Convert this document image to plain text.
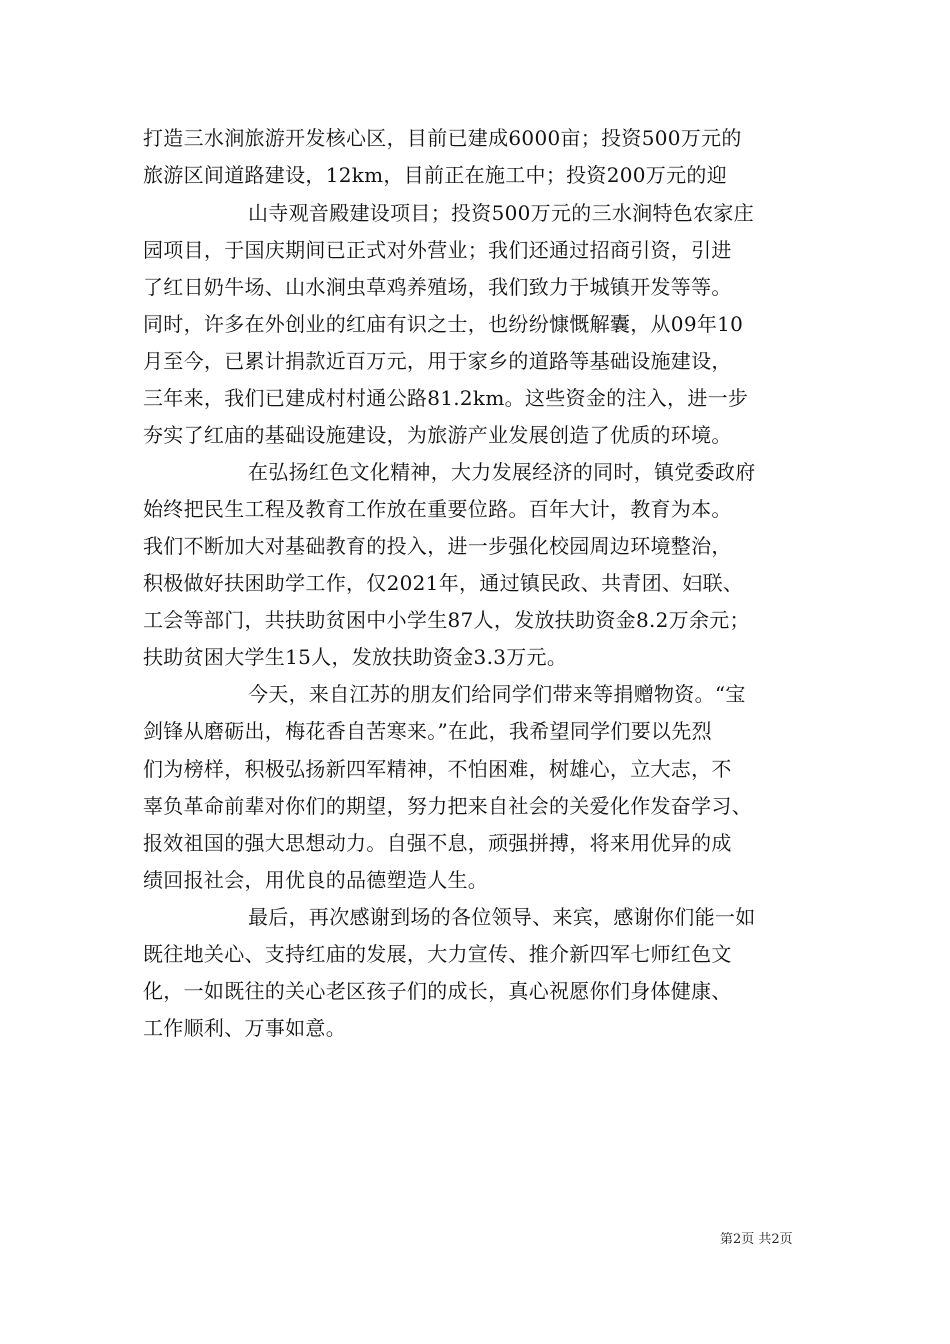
打造三水涧旅游开发核心区，目前已建成6000亩；投资500万元的
旅游区间道路建设，12km，目前正在施工中；投资200万元的迎
山寺观音殿建设项目；投资500万元的三水涧特色农家庄
园项目，于国庆期间已正式对外营业；我们还通过招商引资，引进
了红日奶牛场、山水涧虫草鸡养殖场，我们致力于城镇开发等等。
同时，许多在外创业的红庙有识之士，也纷纷慷慨解囊，从09年10
月至今，已累计捐款近百万元，用于家乡的道路等基础设施建设，
三年来，我们已建成村村通公路81.2km。这些资金的注入，进一步
夯实了红庙的基础设施建设，为旅游产业发展创造了优质的环境。
在弘扬红色文化精神，大力发展经济的同时，镇党委政府
始终把民生工程及教育工作放在重要位路。百年大计，教育为本。
我们不断加大对基础教育的投入，进一步强化校园周边环境整治，
积极做好扶困助学工作，仅2021年，通过镇民政、共青团、妇联、
工会等部门，共扶助贫困中小学生87人，发放扶助资金8.2万余元；
扶助贫困大学生15人，发放扶助资金3.3万元。
今天，来自江苏的朋友们给同学们带来等捐赠物资。“宝
剑锋从磨砺出，梅花香自苦寒来。”在此，我希望同学们要以先烈
们为榜样，积极弘扬新四军精神，不怕困难，树雄心，立大志，不
辜负革命前辈对你们的期望，努力把来自社会的关爱化作发奋学习、
报效祖国的强大思想动力。自强不息，顽强拼搏，将来用优异的成
绩回报社会，用优良的品德塑造人生。
最后，再次感谢到场的各位领导、来宾，感谢你们能一如
既往地关心、支持红庙的发展，大力宣传、推介新四军七师红色文
化，一如既往的关心老区孩子们的成长，真心祝愿你们身体健康、
工作顺利、万事如意。
第2页 共2页
